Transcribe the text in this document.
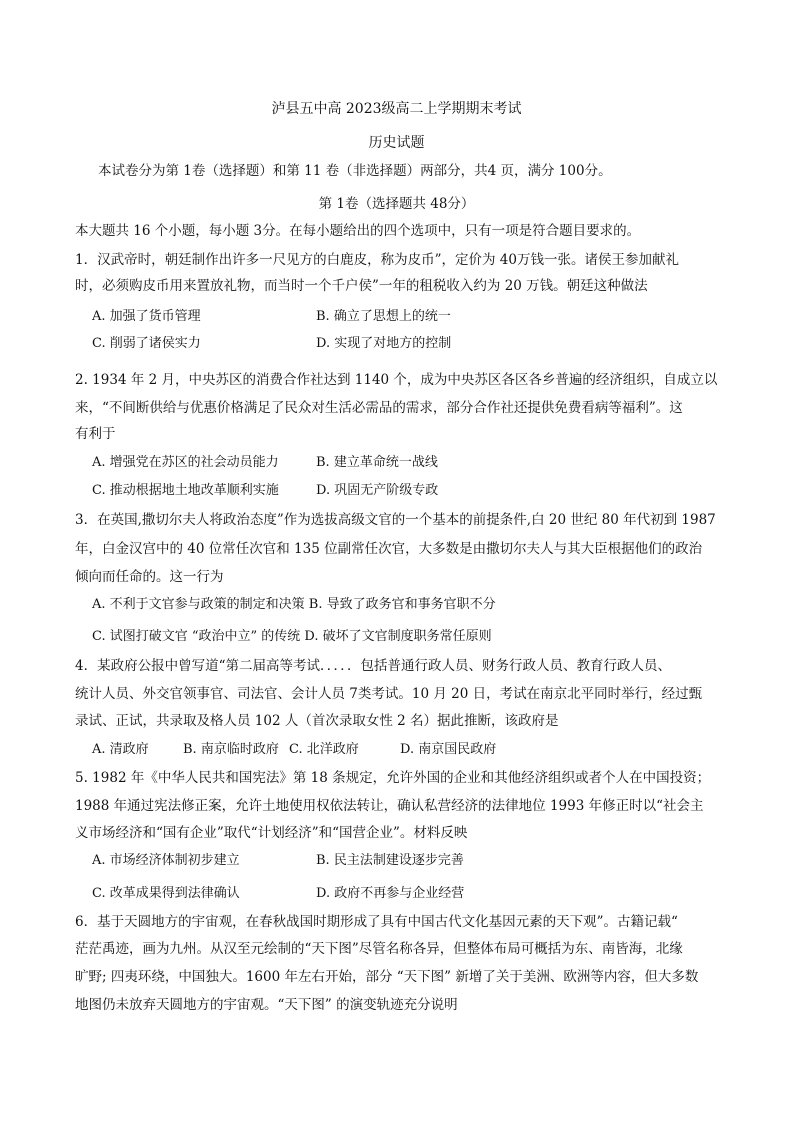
泸县五中高 2023级高二上学期期末考试
历史试题
本试卷分为第 1卷（选择题）和第 11 卷（非选择题）两部分，共4 页，满分 100分。
第 1卷（选择题共 48分）
本大题共 16 个小题，每小题 3分。在每小题给出的四个选项中，只有一项是符合题目要求的。
1．汉武帝时，朝廷制作出许多一尺见方的白鹿皮，称为皮币”，定价为 40万钱一张。诸侯王参加献礼
时，必须购皮币用来置放礼物，而当时一个千户侯”一年的租税收入约为 20 万钱。朝廷这种做法
A. 加强了货币管理	B. 确立了思想上的统一
C. 削弱了诸侯实力	D. 实现了对地方的控制
2. 1934 年 2 月，中央苏区的消费合作社达到 1140 个，成为中央苏区各区各乡普遍的经济组织，自成立以
来，“不间断供给与优惠价格满足了民众对生活必需品的需求，部分合作社还提供免费看病等福利”。这
有利于
A. 增强党在苏区的社会动员能力	B. 建立革命统一战线
C. 推动根据地土地改革顺利实施	D. 巩固无产阶级专政
3．在英国,撒切尔夫人将政治态度”作为选拔高级文官的一个基本的前提条件,白 20 世纪 80 年代初到 1987
年，白金汉宫中的 40 位常任次官和 135 位副常任次官，大多数是由撒切尔夫人与其大臣根据他们的政治
倾向而任命的。这一行为
A. 不利于文官参与政策的制定和决策 B. 导致了政务官和事务官职不分
C. 试图打破文官 “政治中立” 的传统 D. 破坏了文官制度职务常任原则
4．某政府公报中曾写道“第二届高等考试．．．．．包括普通行政人员、财务行政人员、教育行政人员、
统计人员、外交官领事官、司法官、会计人员 7类考试。10 月 20 日，考试在南京北平同时举行，经过甄
录试、正试，共录取及格人员 102 人（首次录取女性 2 名）据此推断，该政府是
A. 清政府	B. 南京临时政府 C. 北洋政府	D. 南京国民政府
5. 1982 年《中华人民共和国宪法》第 18 条规定，允许外国的企业和其他经济组织或者个人在中国投资；
1988 年通过宪法修正案，允许土地使用权依法转让，确认私营经济的法律地位 1993 年修正时以“社会主
义市场经济和“国有企业”取代“计划经济”和“国营企业”。材料反映
A. 市场经济体制初步建立	B. 民主法制建设逐步完善
C. 改革成果得到法律确认	D. 政府不再参与企业经营
6．基于天圆地方的宇宙观，在春秋战国时期形成了具有中国古代文化基因元素的天下观”。古籍记载“
茫茫禹迹，画为九州。从汉至元绘制的“天下图”尽管名称各异，但整体布局可概括为东、南皆海，北缘
旷野; 四夷环绕，中国独大。1600 年左右开始，部分 “天下图” 新增了关于美洲、欧洲等内容，但大多数
地图仍未放弃天圆地方的宇宙观。“天下图” 的演变轨迹充分说明
